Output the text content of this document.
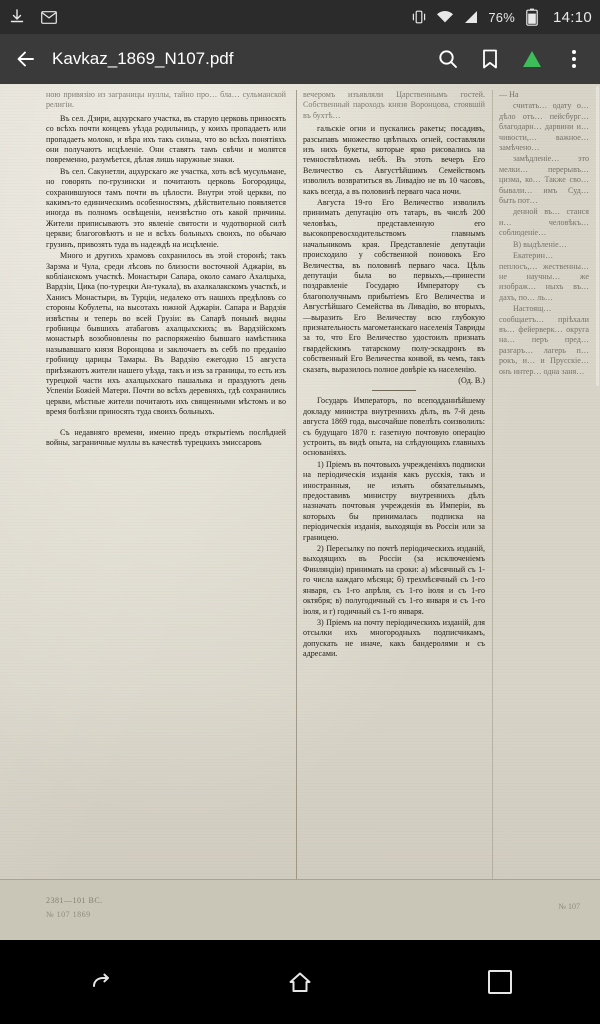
76%	14:10
Kavkaz_1869_N107.pdf
ною привязію из заграницы нуллы, тайно про… бла… сульманской религіи.

Въ сел. Дзири, ацхурскаго участка, въ старую церковь приносять со всѣхъ почти концевъ уѣзда родильницъ, у коихъ пропадаетъ или пропадаеть молоко, и вѣра ихъ такъ сильна, что во всѣхъ понятіяхъ они получаютъ исцѣленіе. Они ставятъ тамъ свѣчи и молятся повременно, разумѣется, дѣлая лишь наружные знаки.

Въ сел. Сакунетли, ацхурскаго же участка, хоть всѣ мусульмане, но говорять по-грузински и почитають церковь Богородицы, сохранившуюся тамъ почти въ цѣлости. Внутри этой церкви, по какимъ-то единическимъ особенностямъ, дѣйствительно появляется иногда въ полномъ освѣщеніи, неизвѣстно оть какой причины. Жители приписываютъ это явленіе святости и чудотворной силѣ церкви; благоговѣютъ и не и всѣхъ больныхъ своихъ, по обычаю грузинъ, привозять туда въ надеждѣ на исцѣленіе.

Много и другихъ храмовъ сохранилось въ этой сторонѣ; такъ Зарзма и Чула, среди лѣсовъ по близости восточной Аджаріи, въ кобліанскомъ участкѣ. Монастыри Сапара, около самаго Ахалцыха, Вардзіи, Цика (по-турецки Ан-тукала), въ ахалкалакскомъ участкѣ, и Ханисъ Монастыри, въ Турціи, недалеко отъ нашихъ предѣловъ со стороны Кобулеты, на высотахъ южной Аджаріи. Сапара и Вардзія извѣстны и теперь во всей Грузіи: въ Сапарѣ понынѣ видны гробницы бывшихъ атабаговъ ахалцыхскихъ; въ Вардзійскомъ монастырѣ возобновлены по распоряженію бывшаго намѣстника называвшаго князя Воронцова и заключаетъ въ себѣ по преданію гробницу царицы Тамары. Въ Вардзію ежегодно 15 августа приѣзжаютъ жители нашего уѣзда, такъ и изъ за границы, то есть изъ турецкой части ихъ ахалцыхскаго пашалыка и праздуютъ день Успеніи Божіей Матери. Почти во всѣхъ деревняхъ, гдѣ сохранились церкви, мѣстные жители почитають ихъ священными мѣстомъ и во время болѣзни приносять туда своихъ больныхъ.

Съ недавняго времени, именно предъ открытіемъ послѣдней войны, заграничные муллы въ качествѣ турецкихъ эмиссаровъ

вечеромъ изъявляли Царственнымъ гостей. Собственный пароходъ князя Воронцова, стоявшій въ бухтѣ…

гальскіе огни и пускались ракеты; посадивъ, разсыпавъ множество цвѣтныхъ огней, составляли изъ нихъ букеты, которые ярко рисовались на темноствѣтномъ небѣ. Въ этоть вечеръ Его Величество съ Августѣйшимъ Семействомъ изволилъ возвратиться въ Ливадію не въ 10 часовъ, какъ всегда, а въ половинѣ перваго часа ночи.

Августа 19-го Его Величество изволилъ принимать депутацію отъ татаръ, въ числѣ 200 человѣкъ, представленную его высокопревосходительствомъ главнымъ начальникомъ края. Представленіе депутаціи происходило у собственной поновокъ Его Величества, въ половинѣ перваго часа. Цѣль депутаціи была во первыхъ,—принести поздравленіе Государю Императору съ благополучнымъ прибытіемъ Его Величества и Августѣйшаго Семейства въ Ливадію, во вторыхъ,—выразить Его Величеству всю глубокую признательность магометанскаго населенія Тавриды за то, что Его Величество удостоилъ признать гвардейскимъ татарскому полу-эскадронъ въ собственный Его Величества конвой, въ чемъ, такъ сказать, выразилось полное довѣріе къ населенію.

(Од. В.)

Государь Императоръ, по всеподданнѣйшему докладу министра внутреннихъ дѣлъ, въ 7-й день августа 1869 года, высочайше повелѣть соизволилъ: съ будущаго 1870 г. газетную почтовую операцію устроить, въ видѣ опыта, на слѣдующихъ главныхъ основаніяхъ.

1) Пріемъ въ почтовыхъ учрежденіяхъ подписки на періодическія изданія какъ русскія, такъ и иностранныя, не изъять обязательнымъ, предоставивъ министру внутреннихъ дѣлъ назначать почтовыя учрежденія въ Имперіи, въ которыхъ бы принималась подписка на періодическія изданія, выходящія въ Россіи или за границею.

2) Пересылку по почтѣ періодическихъ изданій, выходящихъ въ Россіи (за исключеніемъ Финляндіи) принимать на сроки: а) мѣсячный съ 1-го числа каждаго мѣсяца; б) трехмѣсячный съ 1-го января, съ 1-го апрѣля, съ 1-го іюля и съ 1-го октября; в) полугодичный съ 1-го января и съ 1-го іюля, и г) годичный съ 1-го января.

3) Пріемъ на почту періодическихъ изданій, для отсылки ихъ многородныхъ подписчикамъ, допускать не иначе, какъ бандеролями и съ адресами.

— На

считать… одату о… дѣло отъ… пейсбург… благодарн… дарвини и… чивости,… важное… замѣчено…

замѣдленіе… это мелки… перерывъ… цизма, ко… Также сво… бывали… имъ Суд… быть пот…

денной въ… станся и… человѣкъ… соблюденіе…

В) выдѣленіе…

Екатерин… пеплосъ,… жественны… не научны… же изображ… ныхъ въ… дахъ, по… ль…

Настоящ… сообщаетъ… пріѣхали въ… фейерверк… округа на… перъ пред… разгаръ… лагерь п… рокъ, и… и Прусскіе… онъ интер… одна заня…

2381—101 ВС.
№ 107 1869
№ 107
